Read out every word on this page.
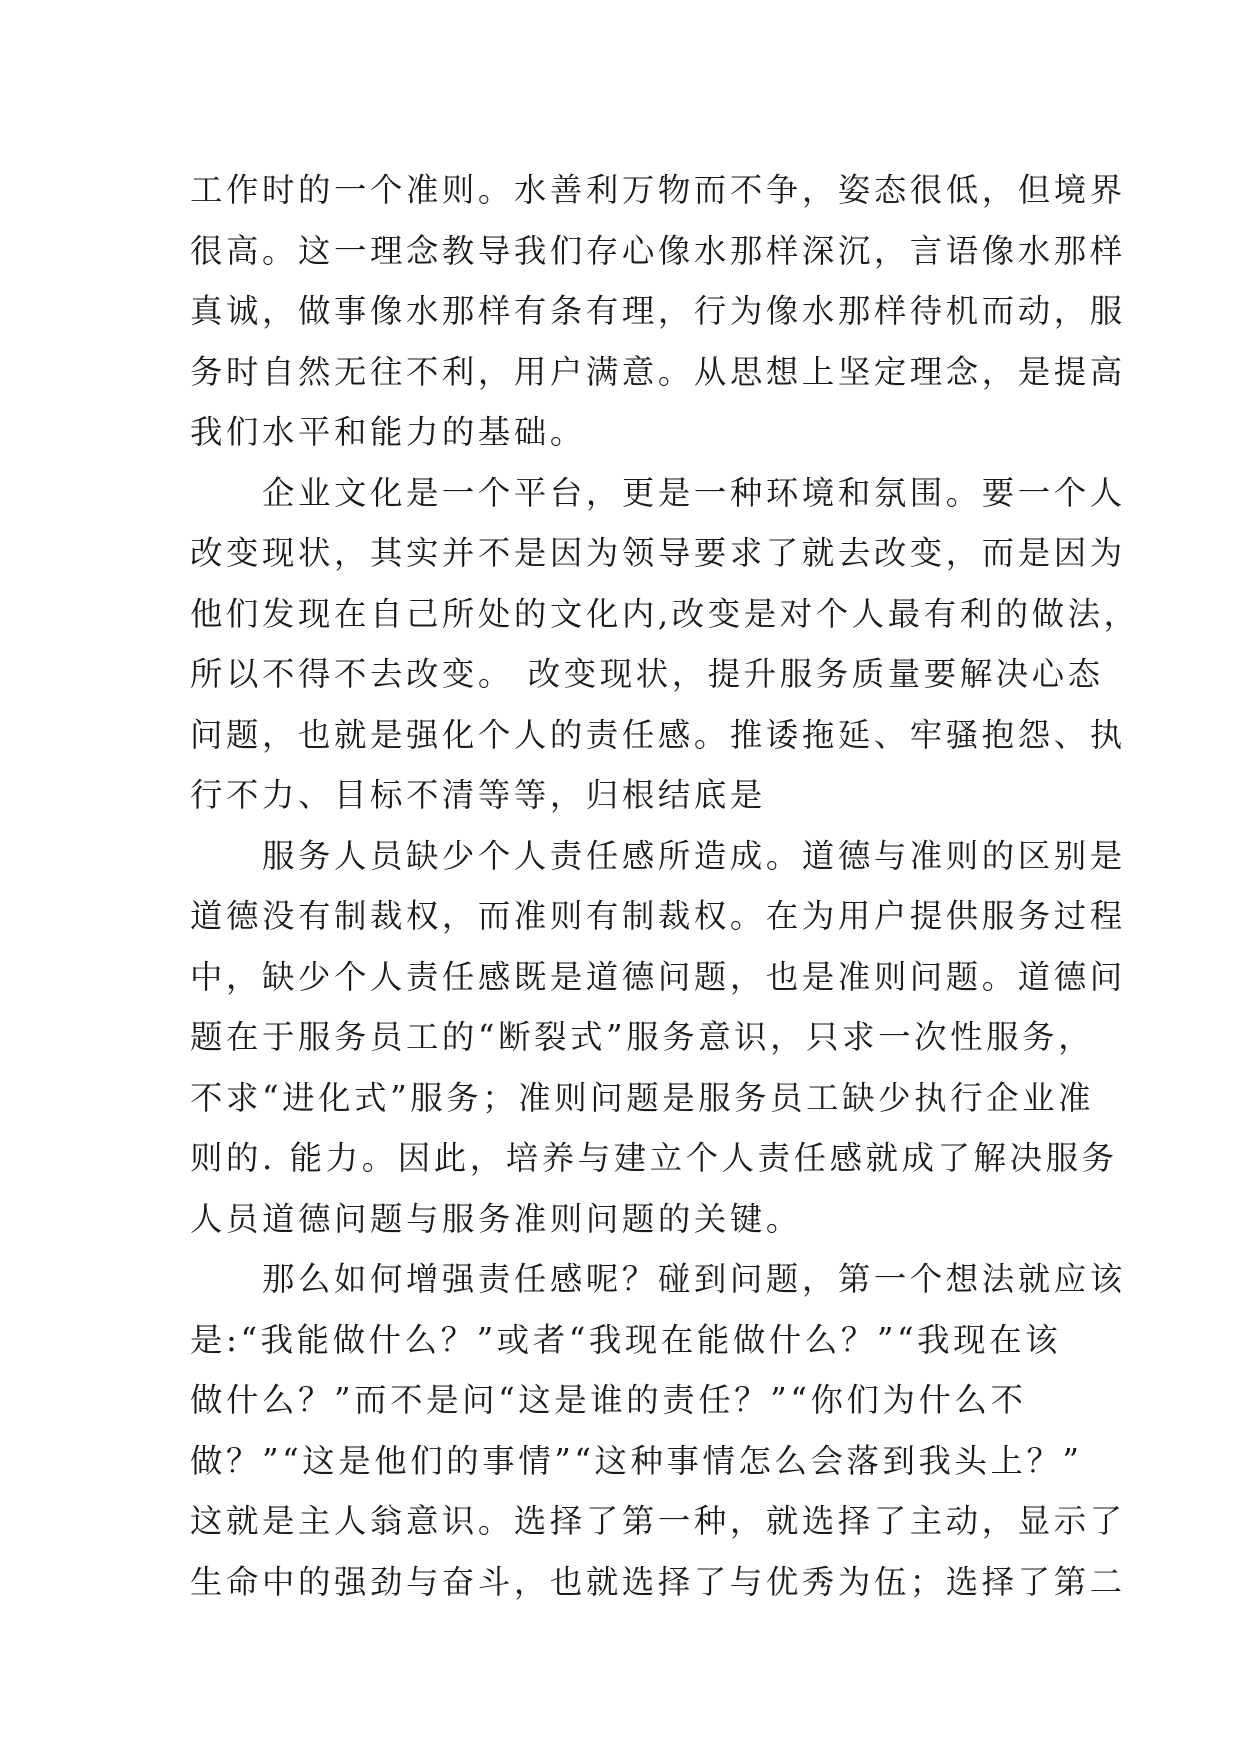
工作时的一个准则。水善利万物而不争，姿态很低，但境界
很高。这一理念教导我们存心像水那样深沉，言语像水那样
真诚，做事像水那样有条有理，行为像水那样待机而动，服
务时自然无往不利，用户满意。从思想上坚定理念，是提高
我们水平和能力的基础。
　　企业文化是一个平台，更是一种环境和氛围。要一个人
改变现状，其实并不是因为领导要求了就去改变，而是因为
他们发现在自己所处的文化内,改变是对个人最有利的做法，
所以不得不去改变。 改变现状，提升服务质量要解决心态
问题，也就是强化个人的责任感。推诿拖延、牢骚抱怨、执
行不力、目标不清等等，归根结底是
　　服务人员缺少个人责任感所造成。道德与准则的区别是
道德没有制裁权，而准则有制裁权。在为用户提供服务过程
中，缺少个人责任感既是道德问题，也是准则问题。道德问
题在于服务员工的“断裂式”服务意识，只求一次性服务，
不求“进化式”服务；准则问题是服务员工缺少执行企业准
则的. 能力。因此，培养与建立个人责任感就成了解决服务
人员道德问题与服务准则问题的关键。
　　那么如何增强责任感呢？碰到问题，第一个想法就应该
是:“我能做什么？”或者“我现在能做什么？”“我现在该
做什么？”而不是问“这是谁的责任？”“你们为什么不
做？”“这是他们的事情”“这种事情怎么会落到我头上？”
这就是主人翁意识。选择了第一种，就选择了主动，显示了
生命中的强劲与奋斗，也就选择了与优秀为伍；选择了第二
